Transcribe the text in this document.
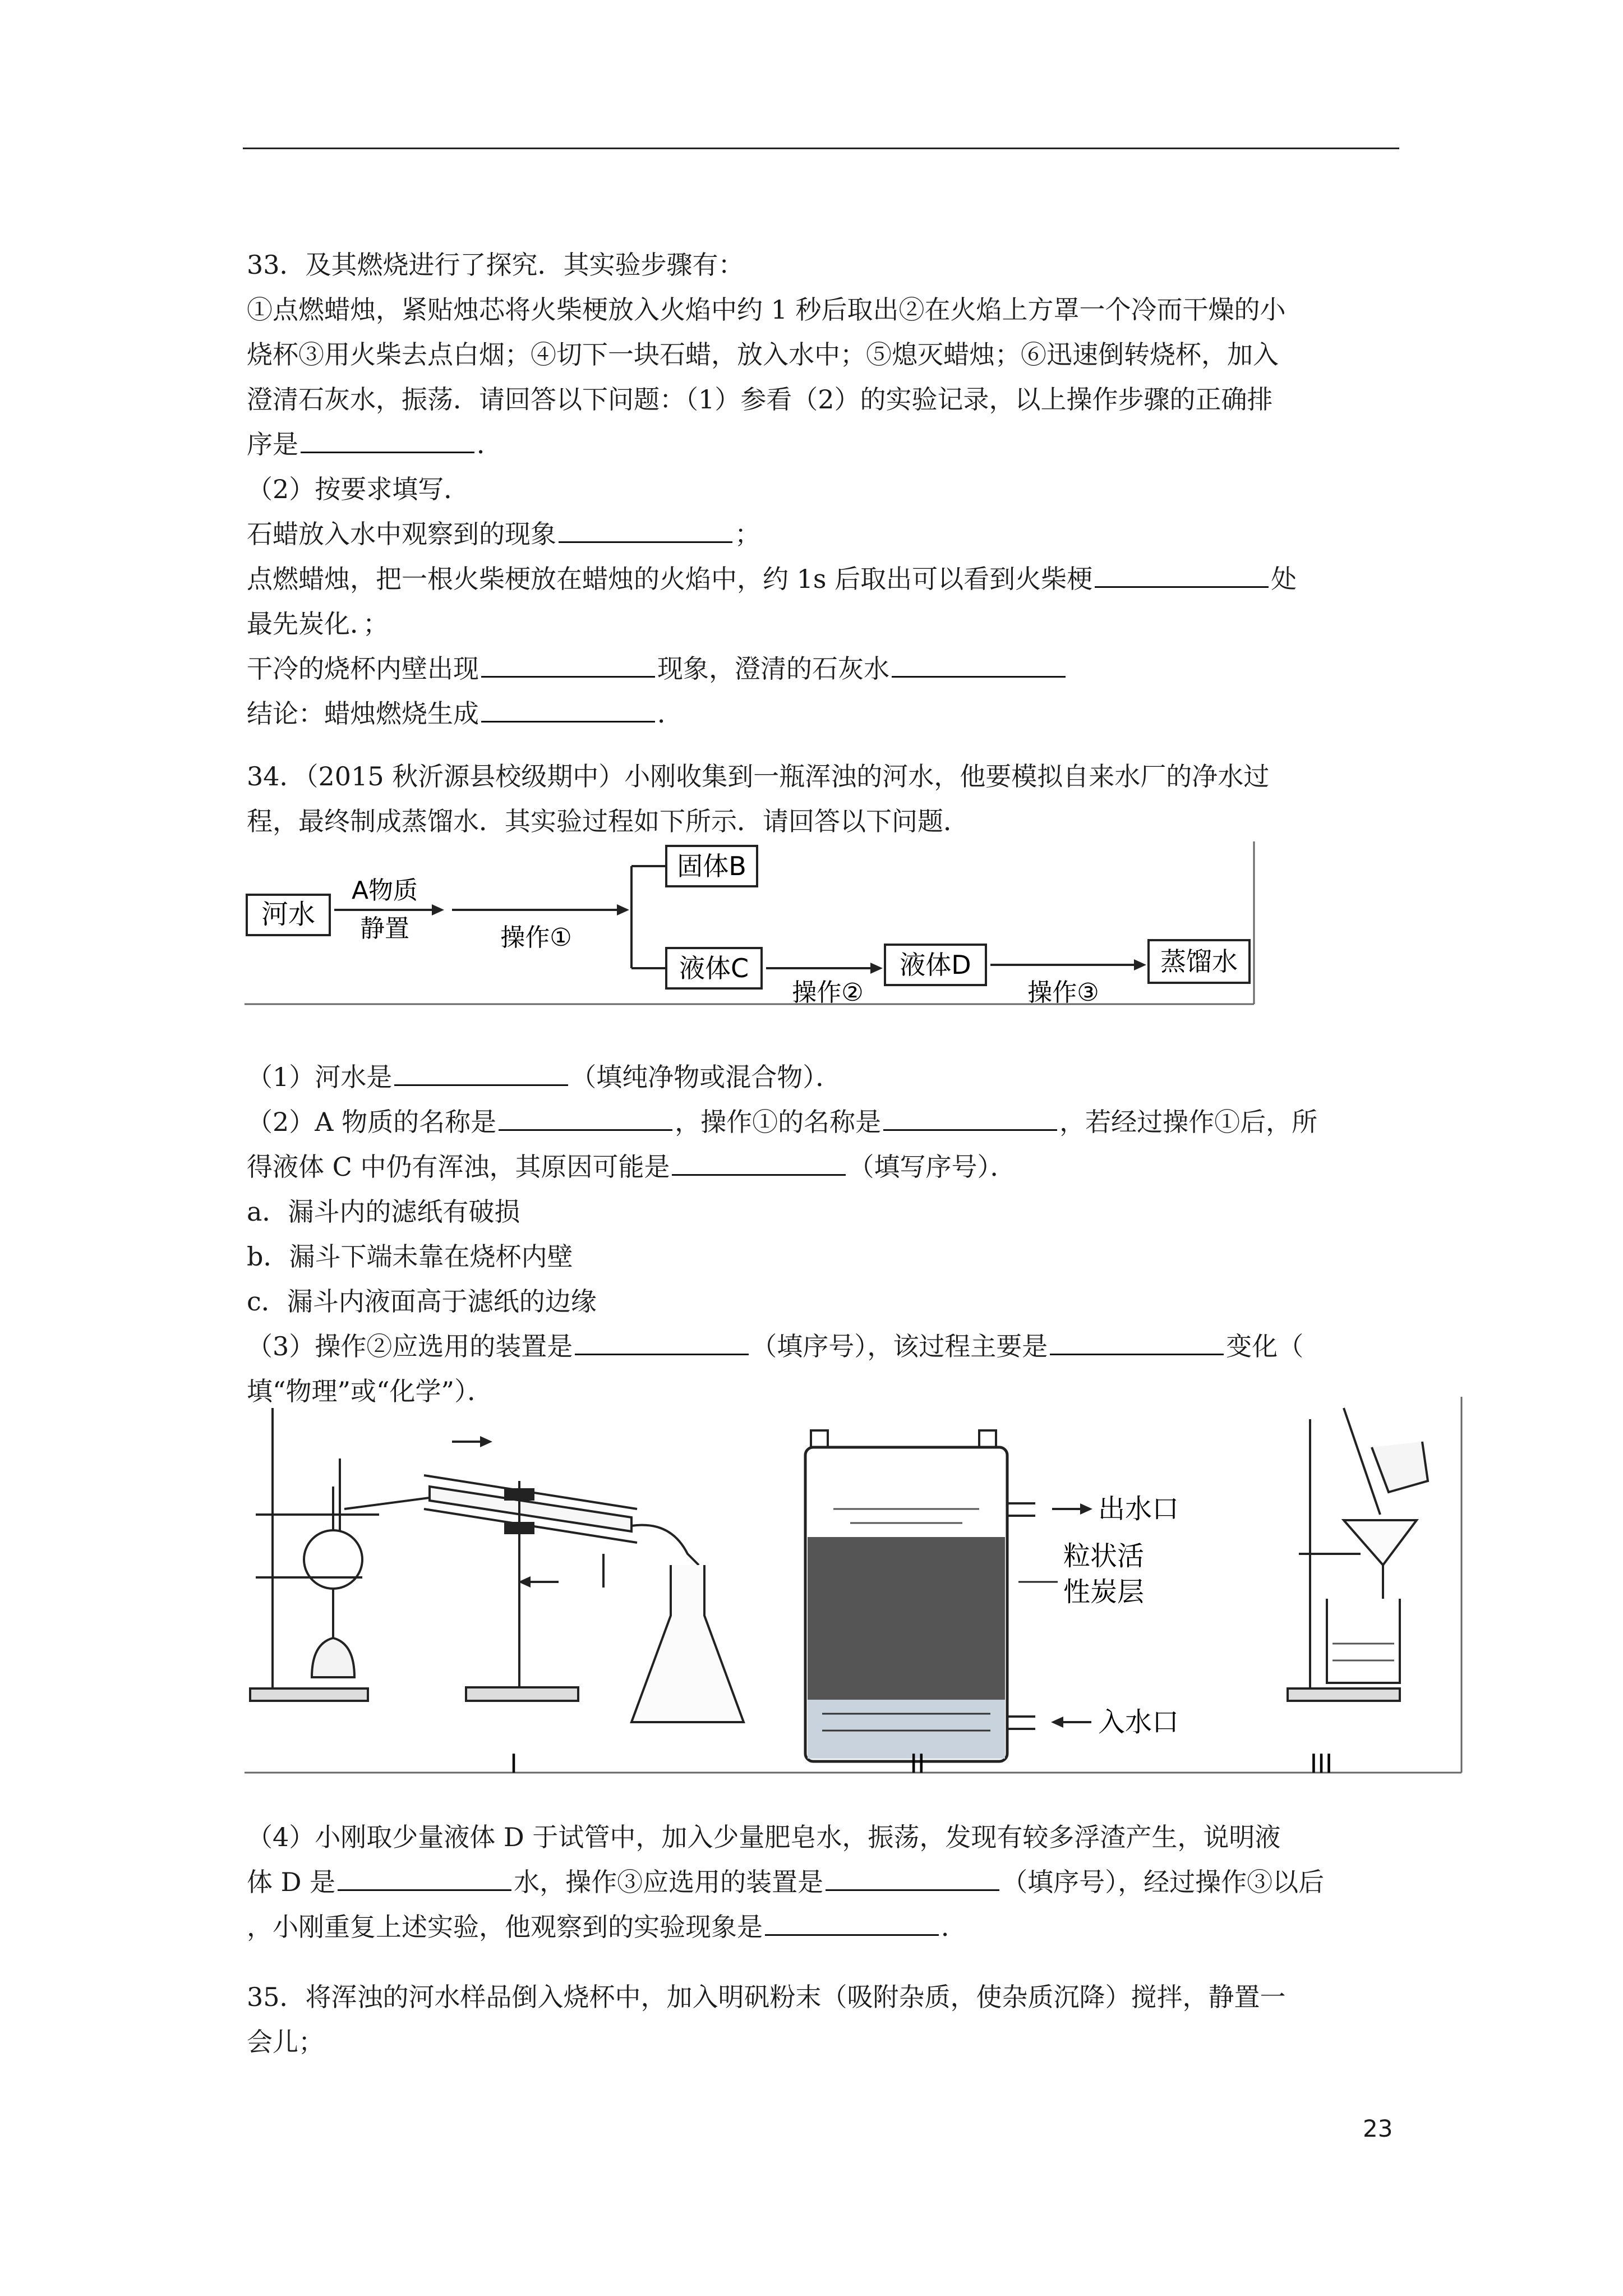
33．及其燃烧进行了探究．其实验步骤有：

①点燃蜡烛，紧贴烛芯将火柴梗放入火焰中约 1 秒后取出②在火焰上方罩一个冷而干燥的小

烧杯③用火柴去点白烟；④切下一块石蜡，放入水中；⑤熄灭蜡烛；⑥迅速倒转烧杯，加入

澄清石灰水，振荡．请回答以下问题：（1）参看（2）的实验记录，以上操作步骤的正确排

序是	．

（2）按要求填写．

石蜡放入水中观察到的现象	；

点燃蜡烛，把一根火柴梗放在蜡烛的火焰中，约 1s 后取出可以看到火柴梗	处

最先炭化．；

干冷的烧杯内壁出现	现象，澄清的石灰水

结论：蜡烛燃烧生成	．

34．（2015 秋沂源县校级期中）小刚收集到一瓶浑浊的河水，他要模拟自来水厂的净水过

程，最终制成蒸馏水．其实验过程如下所示．请回答以下问题．

河水
A物质
静置	操作①
固体B
液体C
操作②
液体D
操作③
蒸馏水

（1）河水是	（填纯净物或混合物）．

（2）A 物质的名称是	，操作①的名称是	，若经过操作①后，所

得液体 C 中仍有浑浊，其原因可能是	（填写序号）．

a．漏斗内的滤纸有破损

b．漏斗下端未靠在烧杯内壁

c．漏斗内液面高于滤纸的边缘

（3）操作②应选用的装置是	（填序号），该过程主要是	变化（

填“物理”或“化学”）．

出水口
粒状活
性炭层
入水口
I	II	III

（4）小刚取少量液体 D 于试管中，加入少量肥皂水，振荡，发现有较多浮渣产生，说明液

体 D 是	水，操作③应选用的装置是	（填序号），经过操作③以后

，小刚重复上述实验，他观察到的实验现象是	．

35．将浑浊的河水样品倒入烧杯中，加入明矾粉末（吸附杂质，使杂质沉降）搅拌，静置一

会儿；

23
